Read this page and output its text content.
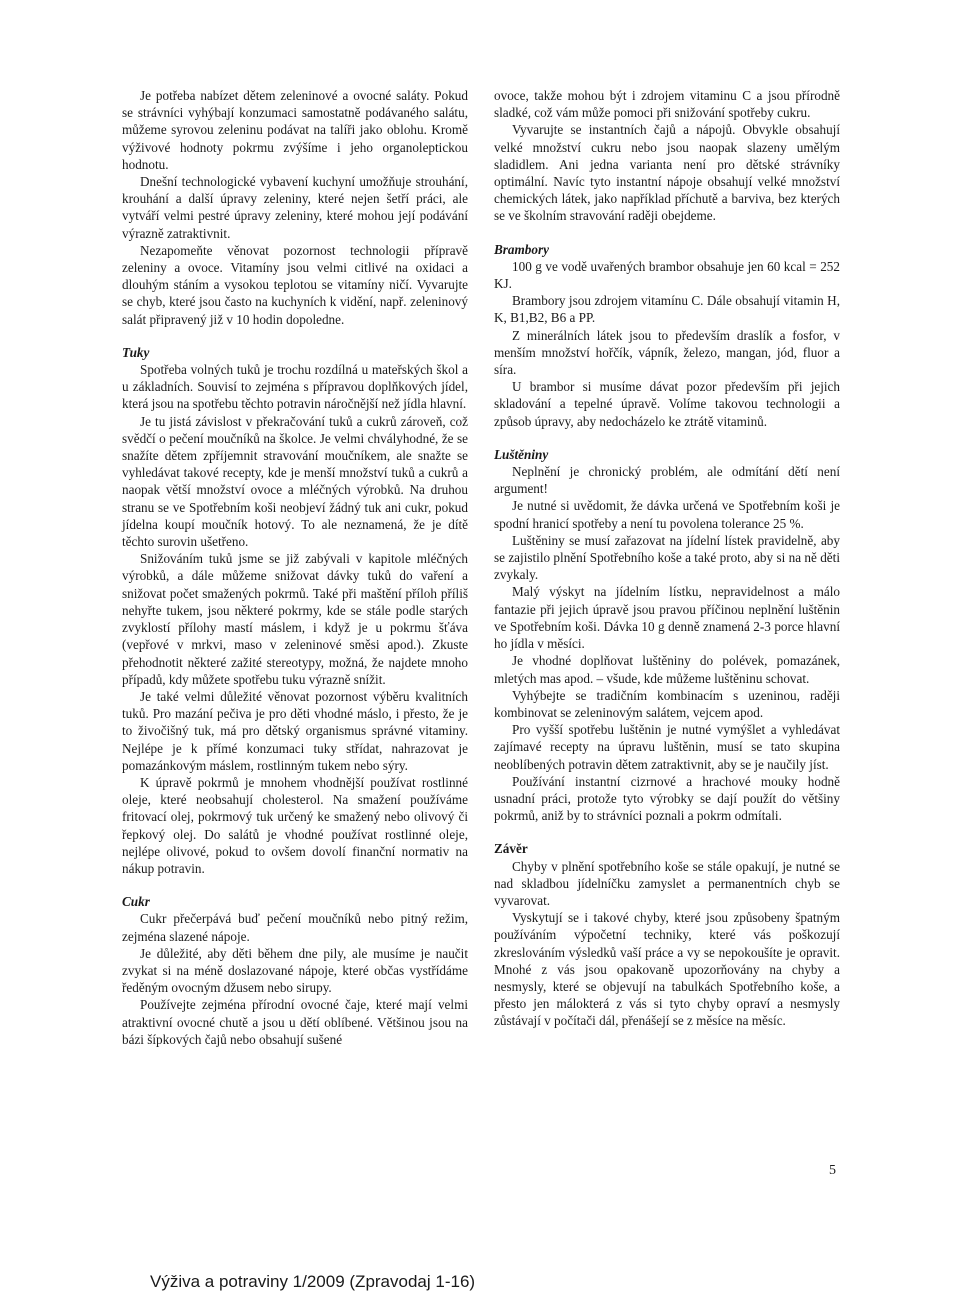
Je potřeba nabízet dětem zeleninové a ovocné saláty. Pokud se strávníci vyhýbají konzumaci samostatně podávaného salátu, můžeme syrovou zeleninu podávat na talíři jako oblohu. Kromě výživové hodnoty pokrmu zvýšíme i jeho organoleptickou hodnotu.

Dnešní technologické vybavení kuchyní umožňuje strouhání, krouhání a další úpravy zeleniny, které nejen šetří práci, ale vytváří velmi pestré úpravy zeleniny, které mohou její podávání výrazně zatraktivnit.

Nezapomeňte věnovat pozornost technologii přípravě zeleniny a ovoce. Vitamíny jsou velmi citlivé na oxidaci a dlouhým stáním a vysokou teplotou se vitamíny ničí. Vyvarujte se chyb, které jsou často na kuchyních k vidění, např. zeleninový salát připravený již v 10 hodin dopoledne.

Tuky

Spotřeba volných tuků je trochu rozdílná u mateřských škol a u základních. Souvisí to zejména s přípravou doplňkových jídel, která jsou na spotřebu těchto potravin náročnější než jídla hlavní.

Je tu jistá závislost v překračování tuků a cukrů zároveň, což svědčí o pečení moučníků na školce. Je velmi chvályhodné, že se snažíte dětem zpříjemnit stravování moučníkem, ale snažte se vyhledávat takové recepty, kde je menší množství tuků a cukrů a naopak větší množství ovoce a mléčných výrobků. Na druhou stranu se ve Spotřebním koši neobjeví žádný tuk ani cukr, pokud jídelna koupí moučník hotový. To ale neznamená, že je dítě těchto surovin ušetřeno.

Snižováním tuků jsme se již zabývali v kapitole mléčných výrobků, a dále můžeme snižovat dávky tuků do vaření a snižovat počet smažených pokrmů. Také při maštění příloh příliš nehyřte tukem, jsou některé pokrmy, kde se stále podle starých zvyklostí přílohy mastí máslem, i když je u pokrmu šťáva (vepřové v mrkvi, maso v zeleninové směsi apod.). Zkuste přehodnotit některé zažité stereotypy, možná, že najdete mnoho případů, kdy můžete spotřebu tuku výrazně snížit.

Je také velmi důležité věnovat pozornost výběru kvalitních tuků. Pro mazání pečiva je pro děti vhodné máslo, i přesto, že je to živočišný tuk, má pro dětský organismus správné vitaminy. Nejlépe je k přímé konzumaci tuky střídat, nahrazovat je pomazánkovým máslem, rostlinným tukem nebo sýry.

K úpravě pokrmů je mnohem vhodnější používat rostlinné oleje, které neobsahují cholesterol. Na smažení používáme fritovací olej, pokrmový tuk určený ke smažený nebo olivový či řepkový olej. Do salátů je vhodné používat rostlinné oleje, nejlépe olivové, pokud to ovšem dovolí finanční normativ na nákup potravin.

Cukr

Cukr přečerpává buď pečení moučníků nebo pitný režim, zejména slazené nápoje.

Je důležité, aby děti během dne pily, ale musíme je naučit zvykat si na méně doslazované nápoje, které občas vystřídáme ředěným ovocným džusem nebo sirupy.

Používejte zejména přírodní ovocné čaje, které mají velmi atraktivní ovocné chutě a jsou u dětí oblíbené. Většinou jsou na bázi šípkových čajů nebo obsahují sušené

ovoce, takže mohou být i zdrojem vitaminu C a jsou přírodně sladké, což vám může pomoci při snižování spotřeby cukru.

Vyvarujte se instantních čajů a nápojů. Obvykle obsahují velké množství cukru nebo jsou naopak slazeny umělým sladidlem. Ani jedna varianta není pro dětské strávníky optimální. Navíc tyto instantní nápoje obsahují velké množství chemických látek, jako například příchutě a barviva, bez kterých se ve školním stravování raději obejdeme.

Brambory

100 g ve vodě uvařených brambor obsahuje jen 60 kcal = 252 KJ.

Brambory jsou zdrojem vitamínu C. Dále obsahují vitamin H, K, B1,B2, B6 a PP.

Z minerálních látek jsou to především draslík a fosfor, v menším množství hořčík, vápník, železo, mangan, jód, fluor a síra.

U brambor si musíme dávat pozor především při jejich skladování a tepelné úpravě. Volíme takovou technologii a způsob úpravy, aby nedocházelo ke ztrátě vitaminů.

Luštěniny

Neplnění je chronický problém, ale odmítání dětí není argument!

Je nutné si uvědomit, že dávka určená ve Spotřebním koši je spodní hranicí spotřeby a není tu povolena tolerance 25 %.

Luštěniny se musí zařazovat na jídelní lístek pravidelně, aby se zajistilo plnění Spotřebního koše a také proto, aby si na ně děti zvykaly.

Malý výskyt na jídelním lístku, nepravidelnost a málo fantazie při jejich úpravě jsou pravou příčinou neplnění luštěnin ve Spotřebním koši. Dávka 10 g denně znamená 2-3 porce hlavní ho jídla v měsíci.

Je vhodné doplňovat luštěniny do polévek, pomazánek, mletých mas apod. – všude, kde můžeme luštěninu schovat.

Vyhýbejte se tradičním kombinacím s uzeninou, raději kombinovat se zeleninovým salátem, vejcem apod.

Pro vyšší spotřebu luštěnin je nutné vymýšlet a vyhledávat zajímavé recepty na úpravu luštěnin, musí se tato skupina neoblíbených potravin dětem zatraktivnit, aby se je naučily jíst.

Používání instantní cizrnové a hrachové mouky hodně usnadní práci, protože tyto výrobky se dají použít do většiny pokrmů, aniž by to strávníci poznali a pokrm odmítali.

Závěr

Chyby v plnění spotřebního koše se stále opakují, je nutné se nad skladbou jídelníčku zamyslet a permanentních chyb se vyvarovat.

Vyskytují se i takové chyby, které jsou způsobeny špatným používáním výpočetní techniky, které vás poškozují zkreslováním výsledků vaší práce a vy se nepokoušíte je opravit. Mnohé z vás jsou opakovaně upozorňovány na chyby a nesmysly, které se objevují na tabulkách Spotřebního koše, a přesto jen málokterá z vás si tyto chyby opraví a nesmysly zůstávají v počítači dál, přenášejí se z měsíce na měsíc.

5
Výživa a potraviny 1/2009 (Zpravodaj 1-16)
